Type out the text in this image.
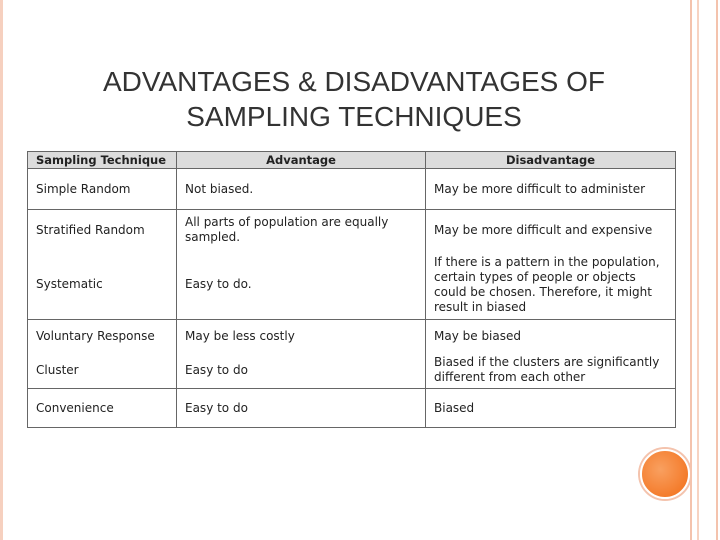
ADVANTAGES & DISADVANTAGES OF
SAMPLING TECHNIQUES
Sampling Technique	Advantage	Disadvantage
Simple Random	Not biased.	May be more difficult to administer
Stratified Random	All parts of population are equally sampled.	May be more difficult and expensive
Systematic	Easy to do.	If there is a pattern in the population, certain types of people or objects could be chosen. Therefore, it might result in biased
Voluntary Response	May be less costly	May be biased
Cluster	Easy to do	Biased if the clusters are significantly different from each other
Convenience	Easy to do	Biased
